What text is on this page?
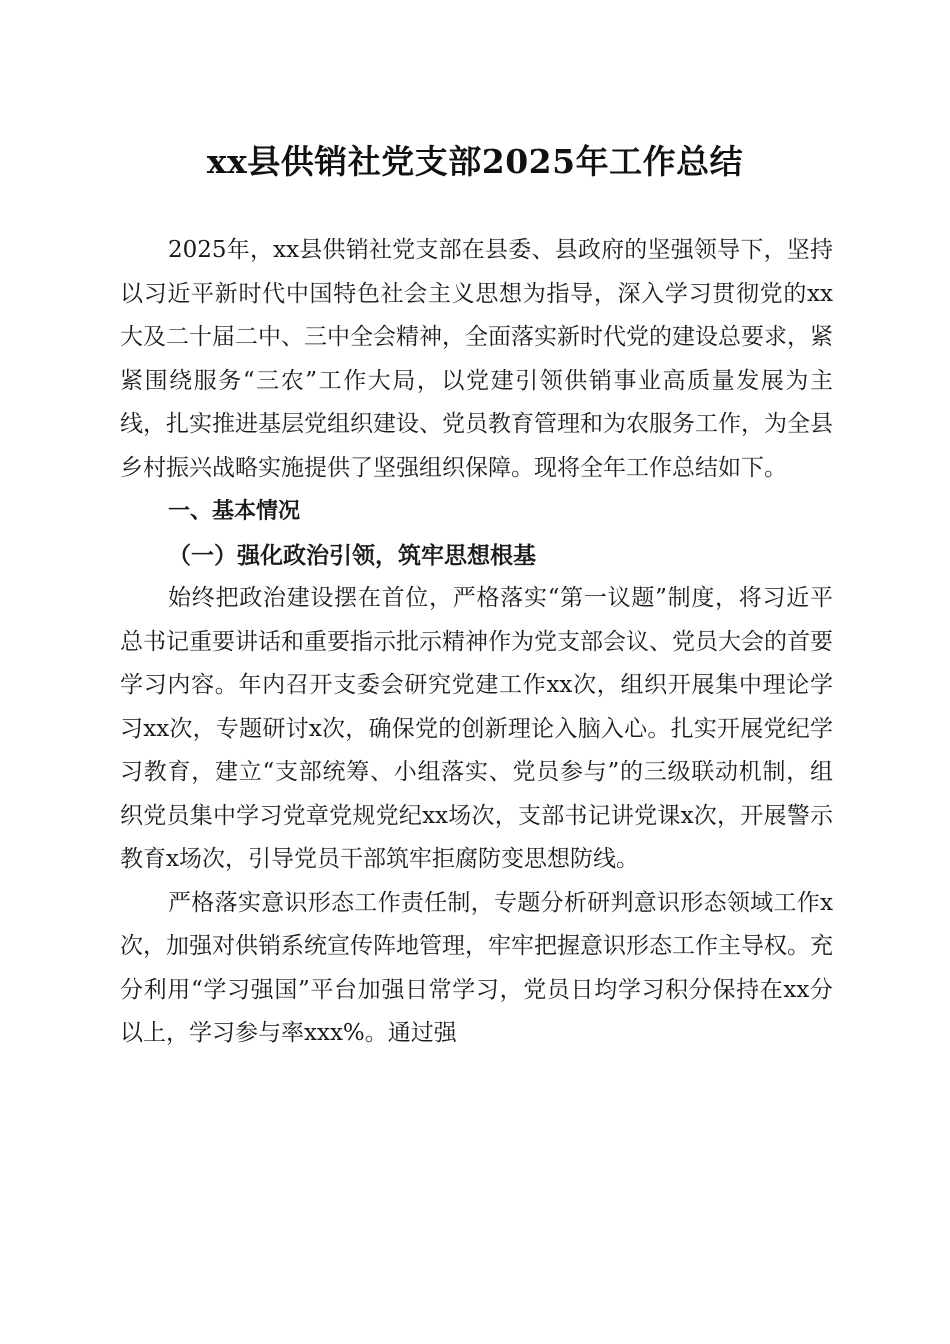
xx县供销社党支部2025年工作总结

2025年，xx县供销社党支部在县委、县政府的坚强领导下，坚持以习近平新时代中国特色社会主义思想为指导，深入学习贯彻党的xx大及二十届二中、三中全会精神，全面落实新时代党的建设总要求，紧紧围绕服务“三农”工作大局，以党建引领供销事业高质量发展为主线，扎实推进基层党组织建设、党员教育管理和为农服务工作，为全县乡村振兴战略实施提供了坚强组织保障。现将全年工作总结如下。

一、基本情况

（一）强化政治引领，筑牢思想根基

始终把政治建设摆在首位，严格落实“第一议题”制度，将习近平总书记重要讲话和重要指示批示精神作为党支部会议、党员大会的首要学习内容。年内召开支委会研究党建工作xx次，组织开展集中理论学习xx次，专题研讨x次，确保党的创新理论入脑入心。扎实开展党纪学习教育，建立“支部统筹、小组落实、党员参与”的三级联动机制，组织党员集中学习党章党规党纪xx场次，支部书记讲党课x次，开展警示教育x场次，引导党员干部筑牢拒腐防变思想防线。

严格落实意识形态工作责任制，专题分析研判意识形态领域工作x次，加强对供销系统宣传阵地管理，牢牢把握意识形态工作主导权。充分利用“学习强国”平台加强日常学习，党员日均学习积分保持在xx分以上，学习参与率xxx%。通过强
